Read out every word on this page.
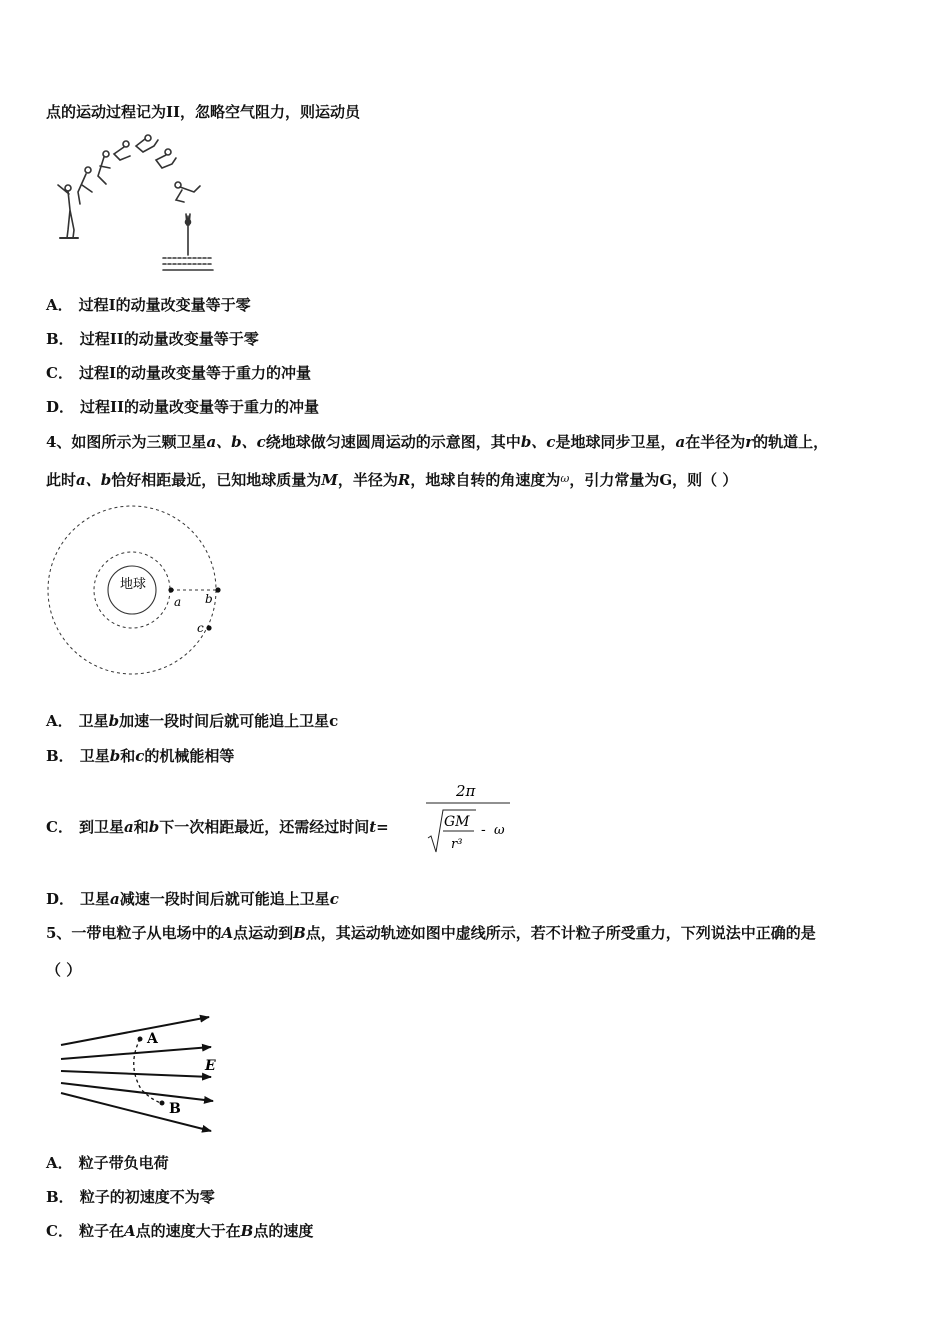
点的运动过程记为II，忽略空气阻力，则运动员
A． 过程I的动量改变量等于零
B． 过程II的动量改变量等于零
C． 过程I的动量改变量等于重力的冲量
D． 过程II的动量改变量等于重力的冲量
4、如图所示为三颗卫星a、b、c绕地球做匀速圆周运动的示意图，其中b、c是地球同步卫星，a在半径为r的轨道上，
此时a、b恰好相距最近，已知地球质量为M，半径为R，地球自转的角速度为$^\omega$，引力常量为G，则（ ）
地球
a b
c
A． 卫星b加速一段时间后就可能追上卫星c
B． 卫星b和c的机械能相等
C． 到卫星a和b下一次相距最近，还需经过时间t=
2π
GM
r³
- ω
D． 卫星a减速一段时间后就可能追上卫星c
5、一带电粒子从电场中的A点运动到B点，其运动轨迹如图中虚线所示，若不计粒子所受重力，下列说法中正确的是
（ ）
A
B
E
A． 粒子带负电荷
B． 粒子的初速度不为零
C． 粒子在A点的速度大于在B点的速度
